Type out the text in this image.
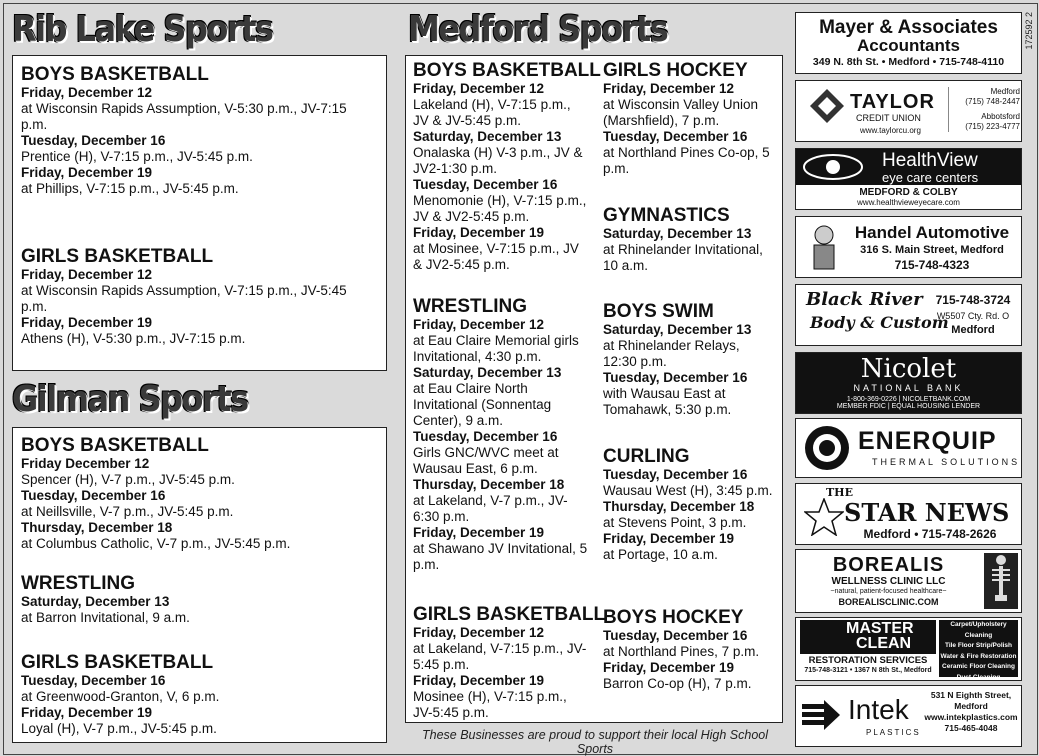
Rib Lake Sports

BOYS BASKETBALL

Friday, December 12
at Wisconsin Rapids Assumption, V-5:30 p.m., JV-7:15 p.m.
Tuesday, December 16
Prentice (H), V-7:15 p.m., JV-5:45 p.m.
Friday, December 19
at Phillips, V-7:15 p.m., JV-5:45 p.m.

GIRLS BASKETBALL

Friday, December 12
at Wisconsin Rapids Assumption, V-7:15 p.m., JV-5:45 p.m.
Friday, December 19
Athens (H), V-5:30 p.m., JV-7:15 p.m.
Gilman Sports

BOYS BASKETBALL

Friday December 12
Spencer (H), V-7 p.m., JV-5:45 p.m.
Tuesday, December 16
at Neillsville, V-7 p.m., JV-5:45 p.m.
Thursday, December 18
at Columbus Catholic, V-7 p.m., JV-5:45 p.m.

WRESTLING

Saturday, December 13
at Barron Invitational, 9 a.m.

GIRLS BASKETBALL

Tuesday, December 16
at Greenwood-Granton, V, 6 p.m.
Friday, December 19
Loyal (H), V-7 p.m., JV-5:45 p.m.
Medford Sports

BOYS BASKETBALL

Friday, December 12
Lakeland (H), V-7:15 p.m., JV & JV-5:45 p.m.
Saturday, December 13
Onalaska (H) V-3 p.m., JV & JV2-1:30 p.m.
Tuesday, December 16
Menomonie (H), V-7:15 p.m., JV & JV2-5:45 p.m.
Friday, December 19
at Mosinee, V-7:15 p.m., JV & JV2-5:45 p.m.

WRESTLING

Friday, December 12
at Eau Claire Memorial girls Invitational, 4:30 p.m.
Saturday, December 13
at Eau Claire North Invitational (Sonnentag Center), 9 a.m.
Tuesday, December 16
Girls GNC/WVC meet at Wausau East, 6 p.m.
Thursday, December 18
at Lakeland, V-7 p.m., JV-6:30 p.m.
Friday, December 19
at Shawano JV Invitational, 5 p.m.

GIRLS BASKETBALL

Friday, December 12
at Lakeland, V-7:15 p.m., JV-5:45 p.m.
Friday, December 19
Mosinee (H), V-7:15 p.m., JV-5:45 p.m.

GIRLS HOCKEY

Friday, December 12
at Wisconsin Valley Union (Marshfield), 7 p.m.
Tuesday, December 16
at Northland Pines Co-op, 5 p.m.

GYMNASTICS

Saturday, December 13
at Rhinelander Invitational, 10 a.m.

BOYS SWIM

Saturday, December 13
at Rhinelander Relays, 12:30 p.m.
Tuesday, December 16
with Wausau East at Tomahawk, 5:30 p.m.

CURLING

Tuesday, December 16
Wausau West (H), 3:45 p.m.
Thursday, December 18
at Stevens Point, 3 p.m.
Friday, December 19
at Portage, 10 a.m.

BOYS HOCKEY

Tuesday, December 16
at Northland Pines, 7 p.m.
Friday, December 19
Barron Co-op (H), 7 p.m.
These Businesses are proud to support their local High School Sports
172592 2
Mayer & Associates
Accountants
349 N. 8th St. • Medford • 715-748-4110
TAYLOR
CREDIT UNION
www.taylorcu.org
Medford
(715) 748-2447
Abbotsford
(715) 223-4777
HealthView
eye care centers
MEDFORD & COLBY
www.healthvieweyecare.com
Handel Automotive
316 S. Main Street, Medford
715-748-4323
Black River
Body & Custom
715-748-3724
W5507 Cty. Rd. O
Medford
Nicolet
NATIONAL BANK
1-800-369-0226 | NICOLETBANK.COM
MEMBER FDIC | EQUAL HOUSING LENDER
ENERQUIP
THERMAL SOLUTIONS
THE
STAR NEWS
Medford • 715-748-2626
BOREALIS
WELLNESS CLINIC LLC
~natural, patient-focused healthcare~
BOREALISCLINIC.COM
MASTER
CLEAN
RESTORATION SERVICES
715-748-3121 • 1367 N 8th St., Medford
Carpet/Upholstery Cleaning
Tile Floor Strip/Polish
Water & Fire Restoration
Ceramic Floor Cleaning
Duct Cleaning
Intek
PLASTICS
531 N Eighth Street,
Medford
www.intekplastics.com
715-465-4048
